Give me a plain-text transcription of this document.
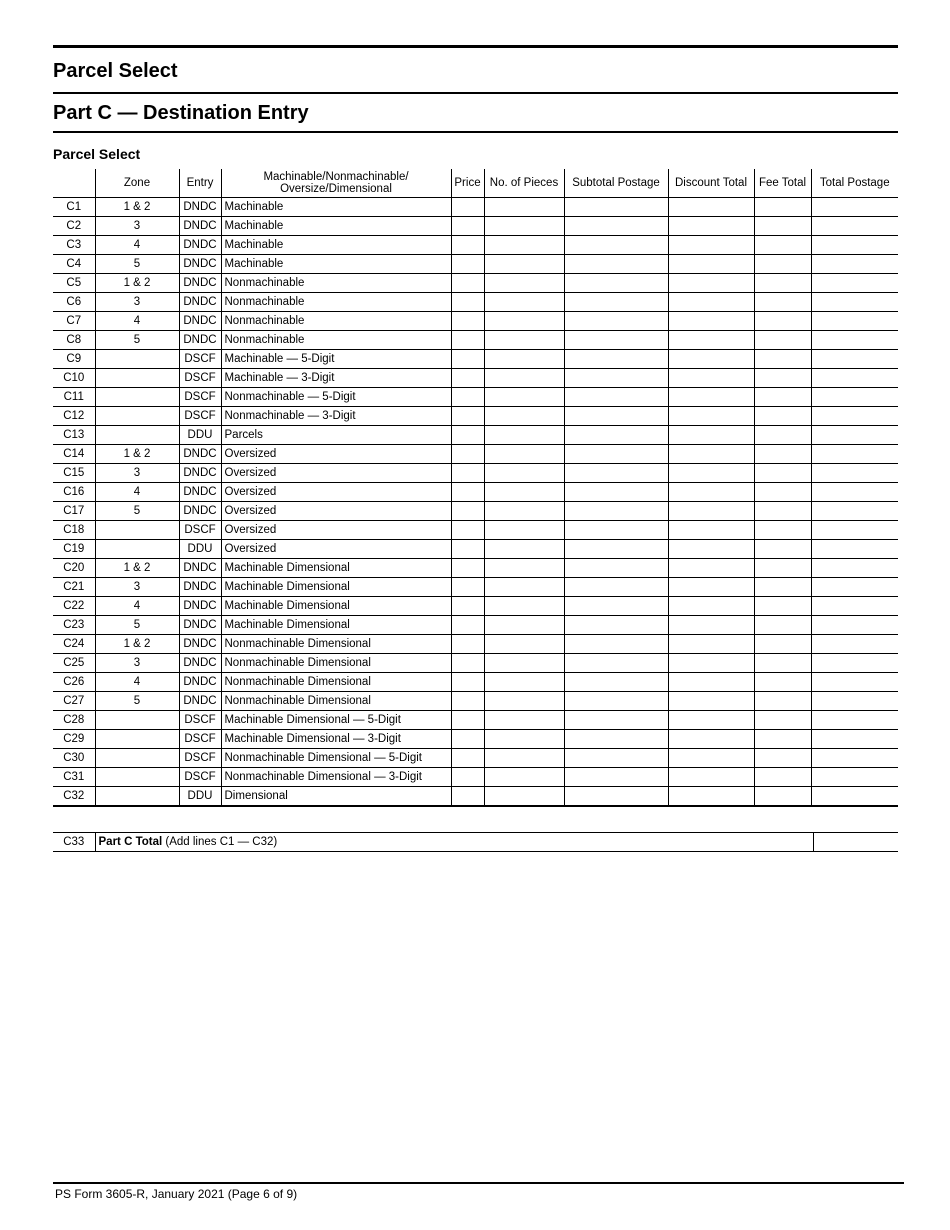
Parcel Select
Part C — Destination Entry
Parcel Select
	Zone	Entry	Machinable/Nonmachinable/
Oversize/Dimensional	Price	No. of Pieces	Subtotal Postage	Discount Total	Fee Total	Total Postage
C1	1 & 2	DNDC	Machinable						
C2	3	DNDC	Machinable						
C3	4	DNDC	Machinable						
C4	5	DNDC	Machinable						
C5	1 & 2	DNDC	Nonmachinable						
C6	3	DNDC	Nonmachinable						
C7	4	DNDC	Nonmachinable						
C8	5	DNDC	Nonmachinable						
C9		DSCF	Machinable — 5-Digit						
C10		DSCF	Machinable — 3-Digit						
C11		DSCF	Nonmachinable — 5-Digit						
C12		DSCF	Nonmachinable — 3-Digit						
C13		DDU	Parcels						
C14	1 & 2	DNDC	Oversized						
C15	3	DNDC	Oversized						
C16	4	DNDC	Oversized						
C17	5	DNDC	Oversized						
C18		DSCF	Oversized						
C19		DDU	Oversized						
C20	1 & 2	DNDC	Machinable Dimensional						
C21	3	DNDC	Machinable Dimensional						
C22	4	DNDC	Machinable Dimensional						
C23	5	DNDC	Machinable Dimensional						
C24	1 & 2	DNDC	Nonmachinable Dimensional						
C25	3	DNDC	Nonmachinable Dimensional						
C26	4	DNDC	Nonmachinable Dimensional						
C27	5	DNDC	Nonmachinable Dimensional						
C28		DSCF	Machinable Dimensional — 5-Digit						
C29		DSCF	Machinable Dimensional — 3-Digit						
C30		DSCF	Nonmachinable Dimensional — 5-Digit						
C31		DSCF	Nonmachinable Dimensional — 3-Digit						
C32		DDU	Dimensional						
C33	Part C Total (Add lines C1 — C32)	
PS Form 3605-R, January 2021 (Page 6 of 9)
